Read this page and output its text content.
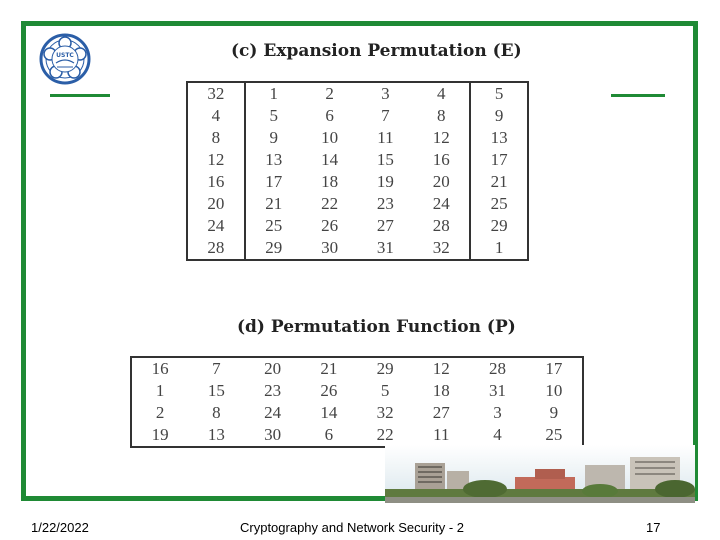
USTC	(c) Expansion Permutation (E)
32	1	2	3	4	5
4	5	6	7	8	9
8	9	10	11	12	13
12	13	14	15	16	17
16	17	18	19	20	21
20	21	22	23	24	25
24	25	26	27	28	29
28	29	30	31	32	1
(d) Permutation Function (P)
16	7	20	21	29	12	28	17
1	15	23	26	5	18	31	10
2	8	24	14	32	27	3	9
19	13	30	6	22	11	4	25
1/22/2022	Cryptography and Network Security - 2	17
